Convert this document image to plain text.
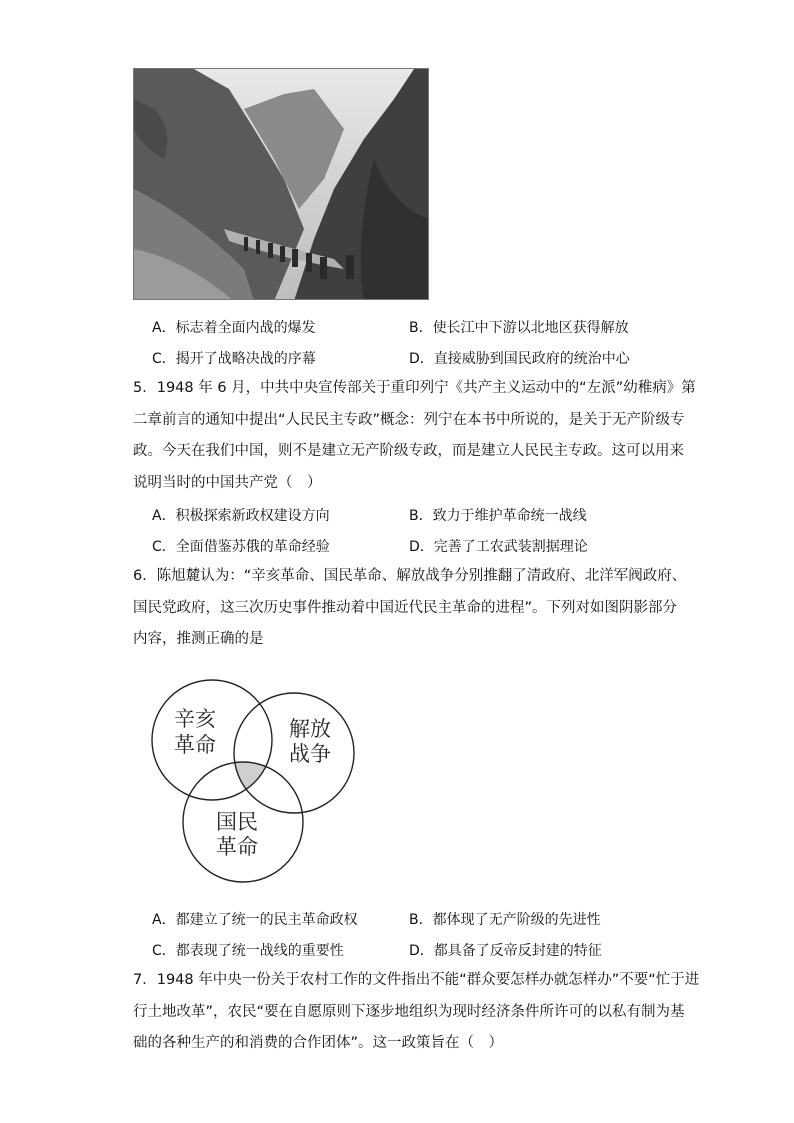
A．标志着全面内战的爆发	B．使长江中下游以北地区获得解放
C．揭开了战略决战的序幕	D．直接威胁到国民政府的统治中心

5．1948 年 6 月，中共中央宣传部关于重印列宁《共产主义运动中的“左派”幼稚病》第

二章前言的通知中提出“人民民主专政”概念：列宁在本书中所说的，是关于无产阶级专

政。今天在我们中国，则不是建立无产阶级专政，而是建立人民民主专政。这可以用来

说明当时的中国共产党（　）

A．积极探索新政权建设方向	B．致力于维护革命统一战线
C．全面借鉴苏俄的革命经验	D．完善了工农武装割据理论

6．陈旭麓认为：“辛亥革命、国民革命、解放战争分别推翻了清政府、北洋军阀政府、

国民党政府，这三次历史事件推动着中国近代民主革命的进程”。下列对如图阴影部分

内容，推测正确的是

辛亥
革命
解放
战争
国民
革命
A．都建立了统一的民主革命政权	B．都体现了无产阶级的先进性
C．都表现了统一战线的重要性	D．都具备了反帝反封建的特征

7．1948 年中央一份关于农村工作的文件指出不能“群众要怎样办就怎样办”不要“忙于进

行土地改革”，农民“要在自愿原则下逐步地组织为现时经济条件所许可的以私有制为基

础的各种生产的和消费的合作团体”。这一政策旨在（　）
